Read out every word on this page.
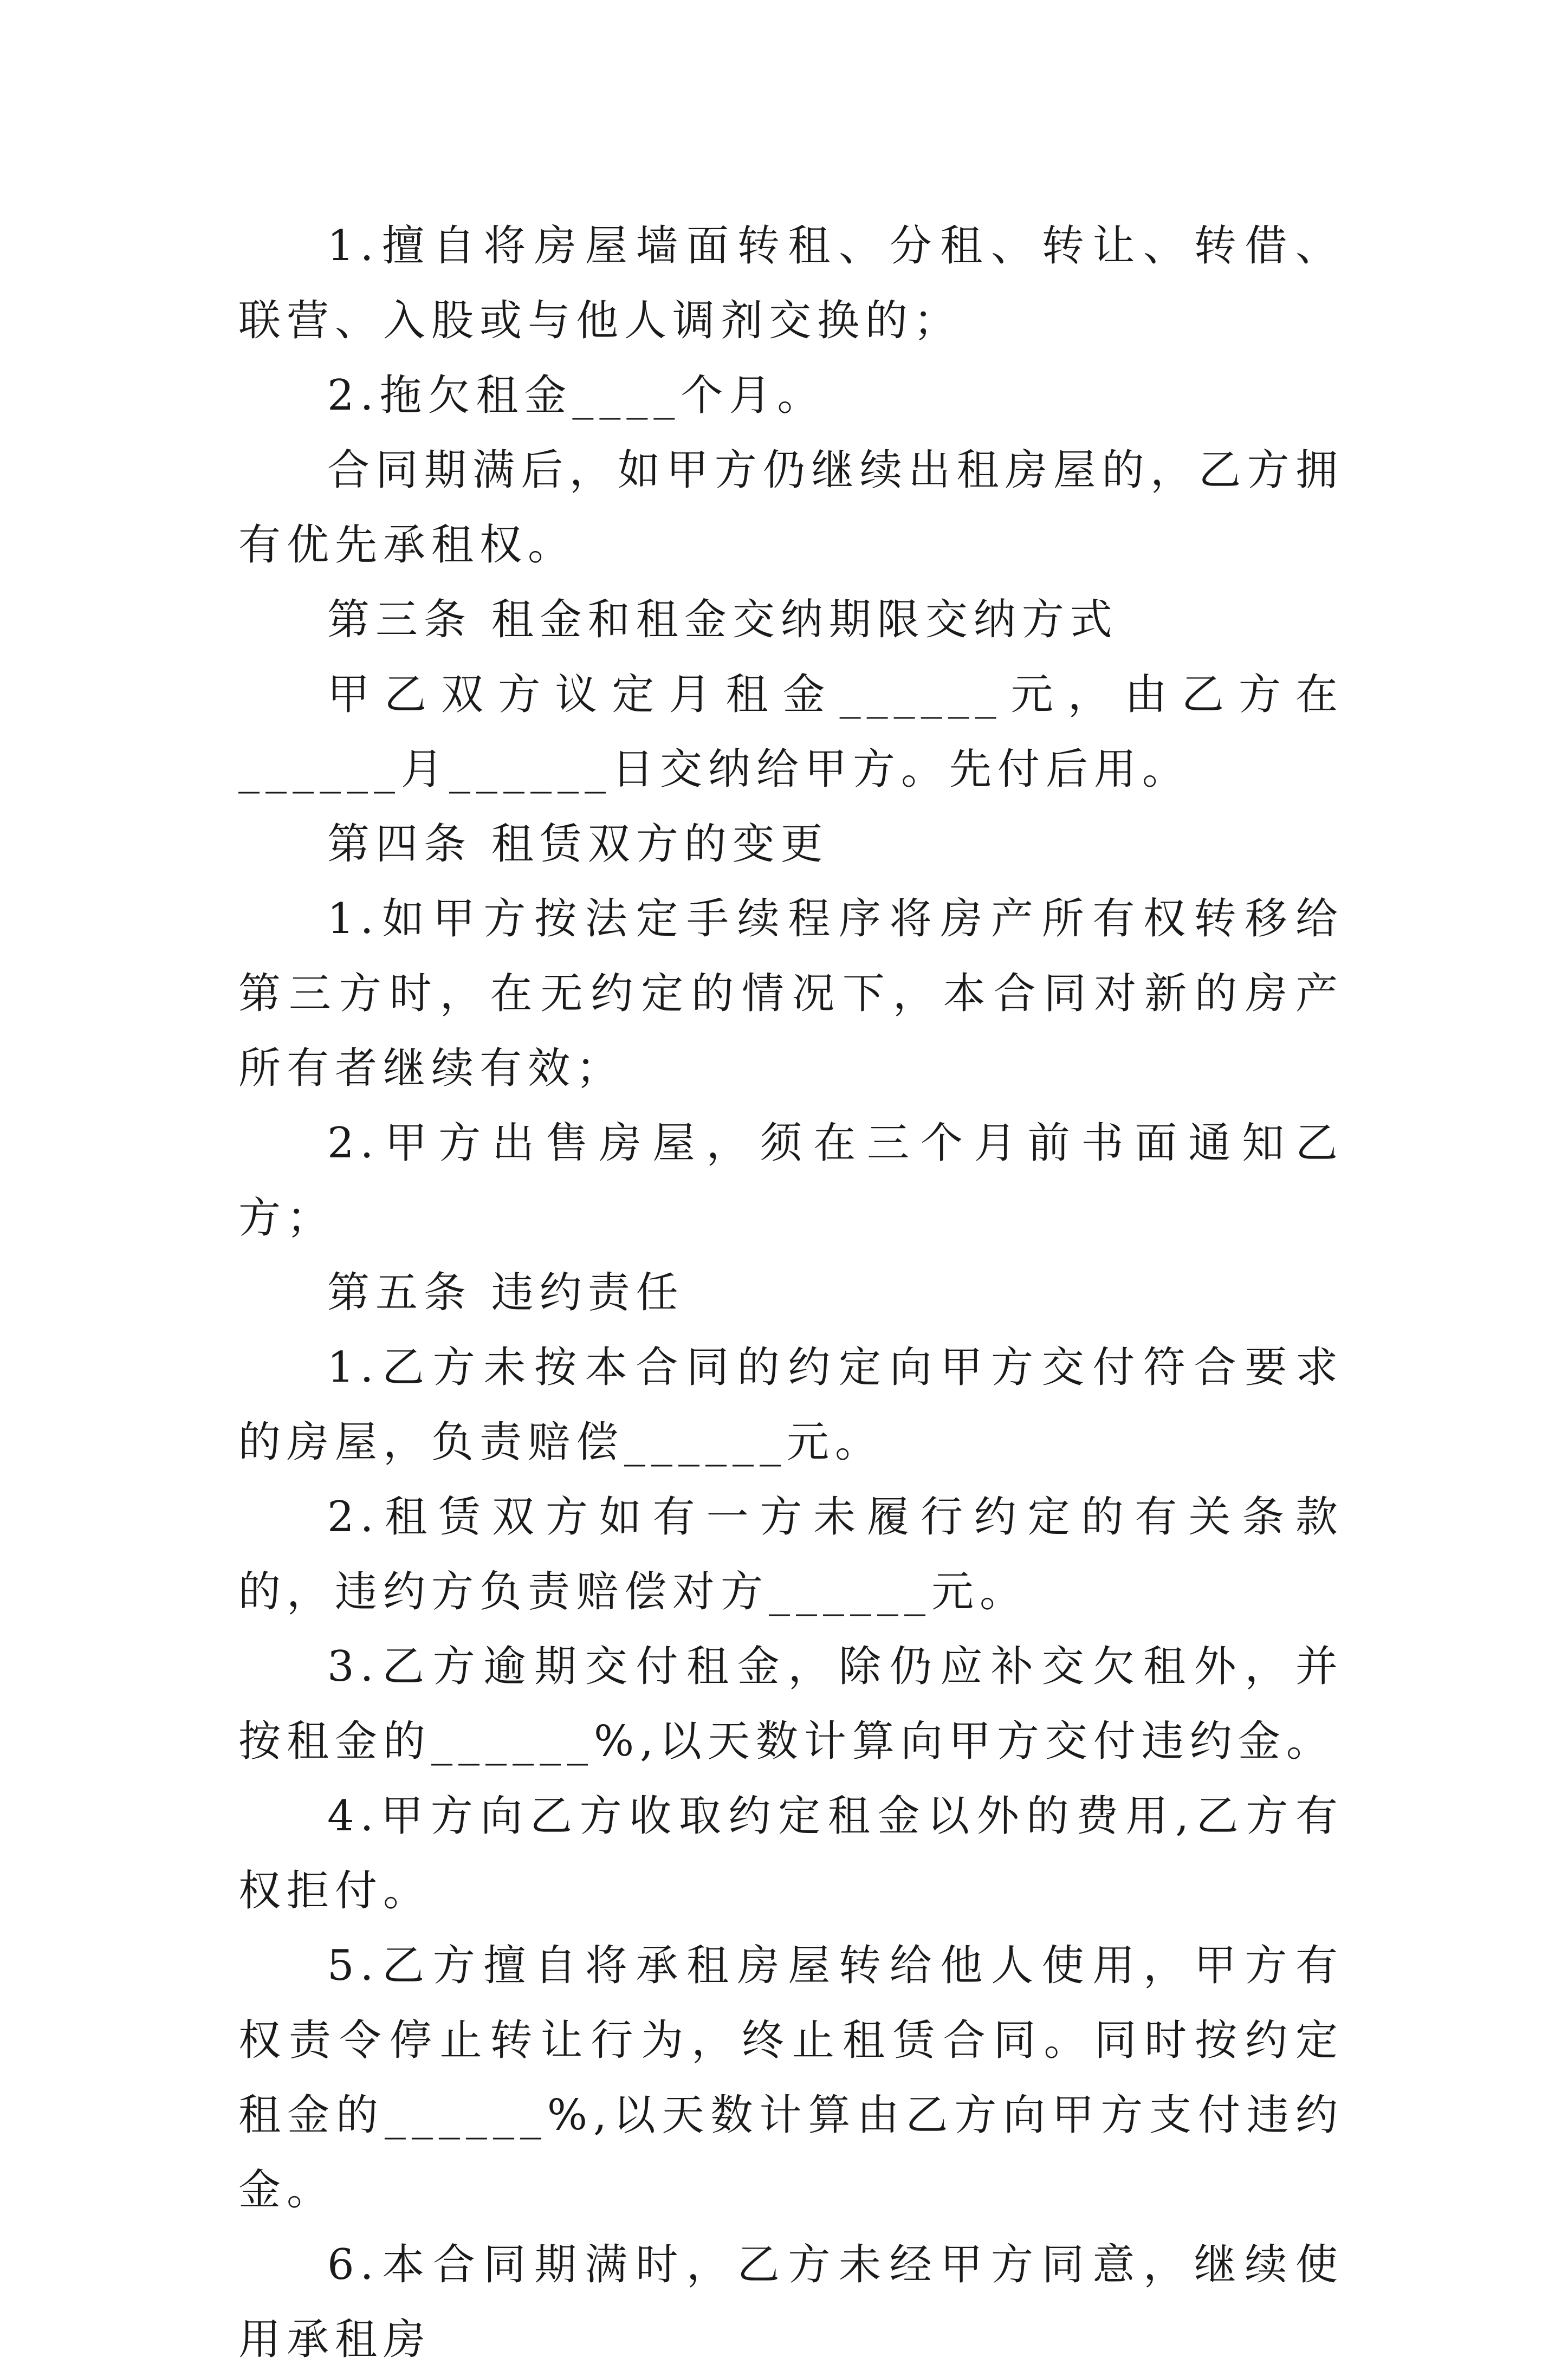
1.擅自将房屋墙面转租、分租、转让、转借、联营、入股或与他人调剂交换的；

2.拖欠租金____个月。

合同期满后，如甲方仍继续出租房屋的，乙方拥有优先承租权。

第三条 租金和租金交纳期限交纳方式

甲乙双方议定月租金______元，由乙方在______月______日交纳给甲方。先付后用。

第四条 租赁双方的变更

1.如甲方按法定手续程序将房产所有权转移给第三方时，在无约定的情况下，本合同对新的房产所有者继续有效；

2.甲方出售房屋，须在三个月前书面通知乙方；

第五条 违约责任

1.乙方未按本合同的约定向甲方交付符合要求的房屋，负责赔偿______元。

2.租赁双方如有一方未履行约定的有关条款的，违约方负责赔偿对方______元。

3.乙方逾期交付租金，除仍应补交欠租外，并按租金的______%,以天数计算向甲方交付违约金。

4.甲方向乙方收取约定租金以外的费用,乙方有权拒付。

5.乙方擅自将承租房屋转给他人使用，甲方有权责令停止转让行为，终止租赁合同。同时按约定租金的______%,以天数计算由乙方向甲方支付违约金。

6.本合同期满时，乙方未经甲方同意，继续使用承租房
